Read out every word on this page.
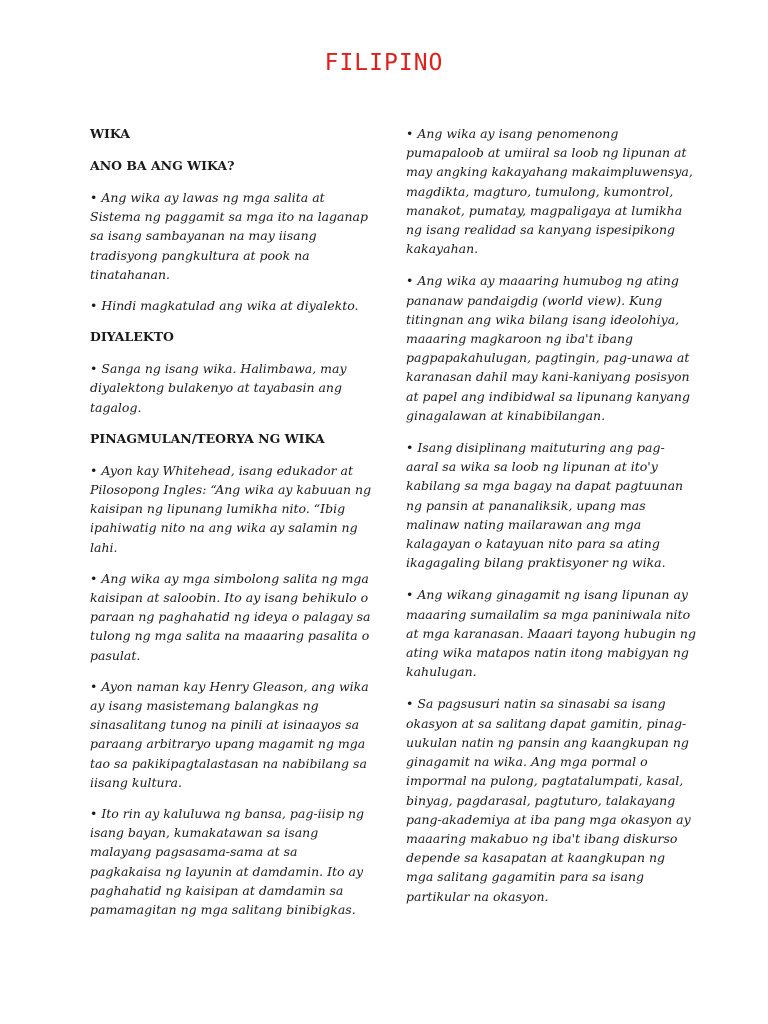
FILIPINO

WIKA

ANO BA ANG WIKA?

• Ang wika ay lawas ng mga salita at Sistema ng paggamit sa mga ito na laganap sa isang sambayanan na may iisang tradisyong pangkultura at pook na tinatahanan.

• Hindi magkatulad ang wika at diyalekto.

DIYALEKTO

• Sanga ng isang wika. Halimbawa, may diyalektong bulakenyo at tayabasin ang tagalog.

PINAGMULAN/TEORYA NG WIKA

• Ayon kay Whitehead, isang edukador at Pilosopong Ingles: “Ang wika ay kabuuan ng kaisipan ng lipunang lumikha nito. “Ibig ipahiwatig nito na ang wika ay salamin ng lahi.

• Ang wika ay mga simbolong salita ng mga kaisipan at saloobin. Ito ay isang behikulo o paraan ng paghahatid ng ideya o palagay sa tulong ng mga salita na maaaring pasalita o pasulat.

• Ayon naman kay Henry Gleason, ang wika ay isang masistemang balangkas ng sinasalitang tunog na pinili at isinaayos sa paraang arbitraryo upang magamit ng mga tao sa pakikipagtalastasan na nabibilang sa iisang kultura.

• Ito rin ay kaluluwa ng bansa, pag-iisip ng isang bayan, kumakatawan sa isang malayang pagsasama-sama at sa pagkakaisa ng layunin at damdamin. Ito ay paghahatid ng kaisipan at damdamin sa pamamagitan ng mga salitang binibigkas.

• Ang wika ay isang penomenong pumapaloob at umiiral sa loob ng lipunan at may angking kakayahang makaimpluwensya, magdikta, magturo, tumulong, kumontrol, manakot, pumatay, magpaligaya at lumikha ng isang realidad sa kanyang ispesipikong kakayahan.

• Ang wika ay maaaring humubog ng ating pananaw pandaigdig (world view). Kung titingnan ang wika bilang isang ideolohiya, maaaring magkaroon ng iba't ibang pagpapakahulugan, pagtingin, pag-unawa at karanasan dahil may kani-kaniyang posisyon at papel ang indibidwal sa lipunang kanyang ginagalawan at kinabibilangan.

• Isang disiplinang maituturing ang pag- aaral sa wika sa loob ng lipunan at ito'y kabilang sa mga bagay na dapat pagtuunan ng pansin at pananaliksik, upang mas malinaw nating mailarawan ang mga kalagayan o katayuan nito para sa ating ikagagaling bilang praktisyoner ng wika.

• Ang wikang ginagamit ng isang lipunan ay maaaring sumailalim sa mga paniniwala nito at mga karanasan. Maaari tayong hubugin ng ating wika matapos natin itong mabigyan ng kahulugan.

• Sa pagsusuri natin sa sinasabi sa isang okasyon at sa salitang dapat gamitin, pinag-uukulan natin ng pansin ang kaangkupan ng ginagamit na wika. Ang mga pormal o impormal na pulong, pagtatalumpati, kasal, binyag, pagdarasal, pagtuturo, talakayang pang-akademiya at iba pang mga okasyon ay maaaring makabuo ng iba't ibang diskurso depende sa kasapatan at kaangkupan ng mga salitang gagamitin para sa isang partikular na okasyon.
